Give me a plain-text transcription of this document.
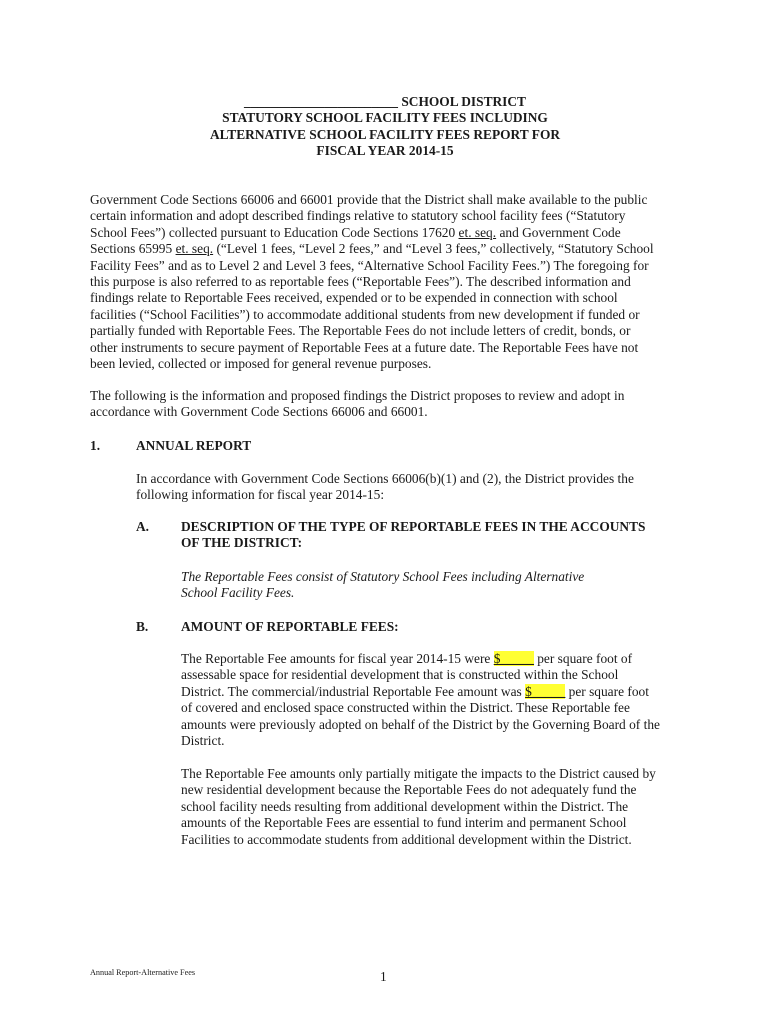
_______________________ SCHOOL DISTRICT
STATUTORY SCHOOL FACILITY FEES INCLUDING
ALTERNATIVE SCHOOL FACILITY FEES REPORT FOR
FISCAL YEAR 2014-15

Government Code Sections 66006 and 66001 provide that the District shall make available to the public
certain information and adopt described findings relative to statutory school facility fees (“Statutory
School Fees”) collected pursuant to Education Code Sections 17620 et. seq. and Government Code
Sections 65995 et. seq. (“Level 1 fees, “Level 2 fees,” and “Level 3 fees,” collectively, “Statutory School
Facility Fees” and as to Level 2 and Level 3 fees, “Alternative School Facility Fees.”) The foregoing for
this purpose is also referred to as reportable fees (“Reportable Fees”). The described information and
findings relate to Reportable Fees received, expended or to be expended in connection with school
facilities (“School Facilities”) to accommodate additional students from new development if funded or
partially funded with Reportable Fees. The Reportable Fees do not include letters of credit, bonds, or
other instruments to secure payment of Reportable Fees at a future date. The Reportable Fees have not
been levied, collected or imposed for general revenue purposes.

The following is the information and proposed findings the District proposes to review and adopt in
accordance with Government Code Sections 66006 and 66001.

1.	ANNUAL REPORT

In accordance with Government Code Sections 66006(b)(1) and (2), the District provides the
following information for fiscal year 2014-15:

A. DESCRIPTION OF THE TYPE OF REPORTABLE FEES IN THE ACCOUNTS
OF THE DISTRICT:

The Reportable Fees consist of Statutory School Fees including Alternative
School Facility Fees.

B. AMOUNT OF REPORTABLE FEES:

The Reportable Fee amounts for fiscal year 2014-15 were $_____ per square foot of
assessable space for residential development that is constructed within the School
District. The commercial/industrial Reportable Fee amount was $_____ per square foot
of covered and enclosed space constructed within the District. These Reportable fee
amounts were previously adopted on behalf of the District by the Governing Board of the
District.

The Reportable Fee amounts only partially mitigate the impacts to the District caused by
new residential development because the Reportable Fees do not adequately fund the
school facility needs resulting from additional development within the District. The
amounts of the Reportable Fees are essential to fund interim and permanent School
Facilities to accommodate students from additional development within the District.

Annual Report-Alternative Fees	1
